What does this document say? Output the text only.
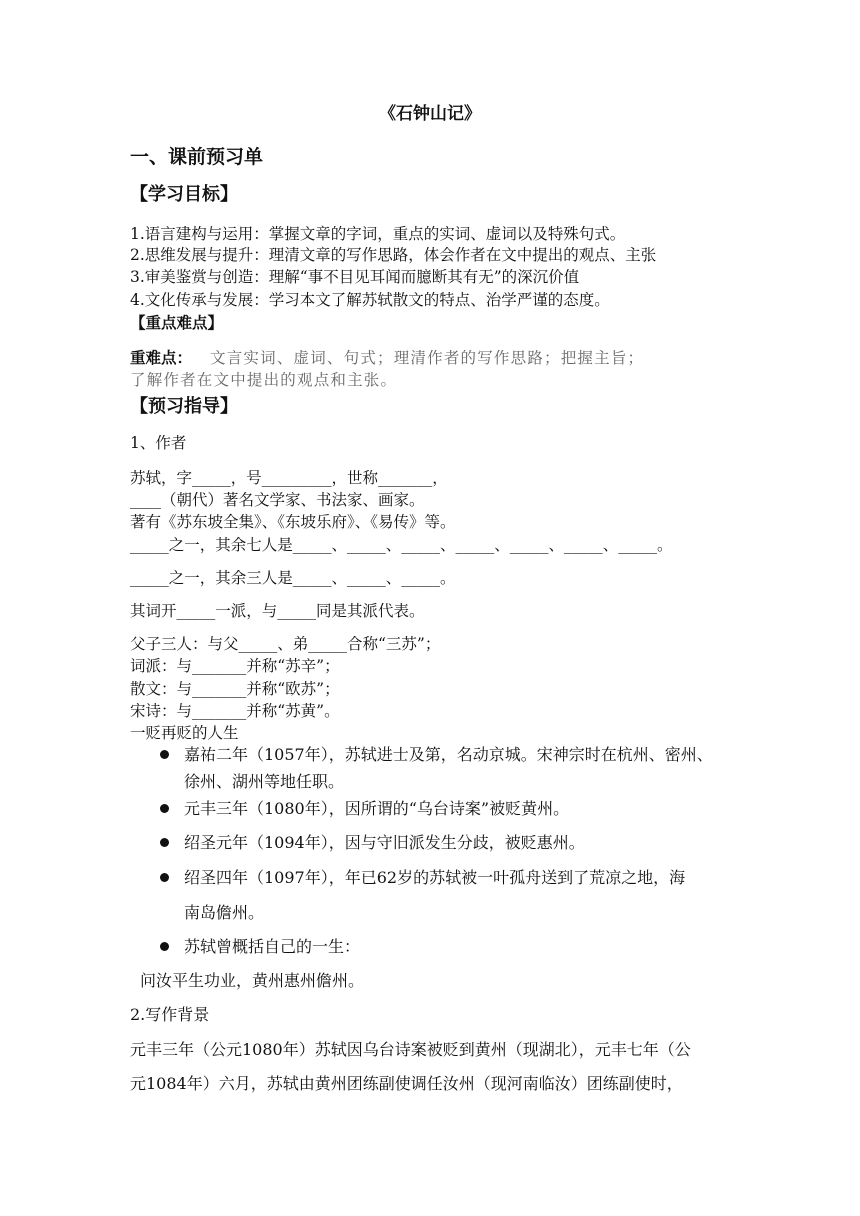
《石钟山记》
一、课前预习单
【学习目标】
1.语言建构与运用：掌握文章的字词，重点的实词、虚词以及特殊句式。
2.思维发展与提升：理清文章的写作思路，体会作者在文中提出的观点、主张
3.审美鉴赏与创造：理解“事不目见耳闻而臆断其有无”的深沉价值
4.文化传承与发展：学习本文了解苏轼散文的特点、治学严谨的态度。
【重点难点】
重难点： 文言实词、虚词、句式；理清作者的写作思路；把握主旨；
了解作者在文中提出的观点和主张。
【预习指导】
1、作者
苏轼，字_____，号_________，世称_______，
____（朝代）著名文学家、书法家、画家。
著有《苏东坡全集》、《东坡乐府》、《易传》等。
_____之一，其余七人是_____、_____、_____、_____、_____、_____、_____。
_____之一，其余三人是_____、_____、_____。
其词开_____一派，与_____同是其派代表。
父子三人：与父_____、弟_____合称“三苏”；
词派：与_______并称“苏辛”；
散文：与_______并称“欧苏”；
宋诗：与_______并称“苏黄”。
一贬再贬的人生
嘉祐二年（1057年），苏轼进士及第，名动京城。宋神宗时在杭州、密州、
徐州、湖州等地任职。
元丰三年（1080年），因所谓的“乌台诗案”被贬黄州。
绍圣元年（1094年），因与守旧派发生分歧，被贬惠州。
绍圣四年（1097年），年已62岁的苏轼被一叶孤舟送到了荒凉之地，海
南岛儋州。
苏轼曾概括自己的一生：
问汝平生功业，黄州惠州儋州。
2.写作背景
元丰三年（公元1080年）苏轼因乌台诗案被贬到黄州（现湖北），元丰七年（公
元1084年）六月，苏轼由黄州团练副使调任汝州（现河南临汝）团练副使时，
